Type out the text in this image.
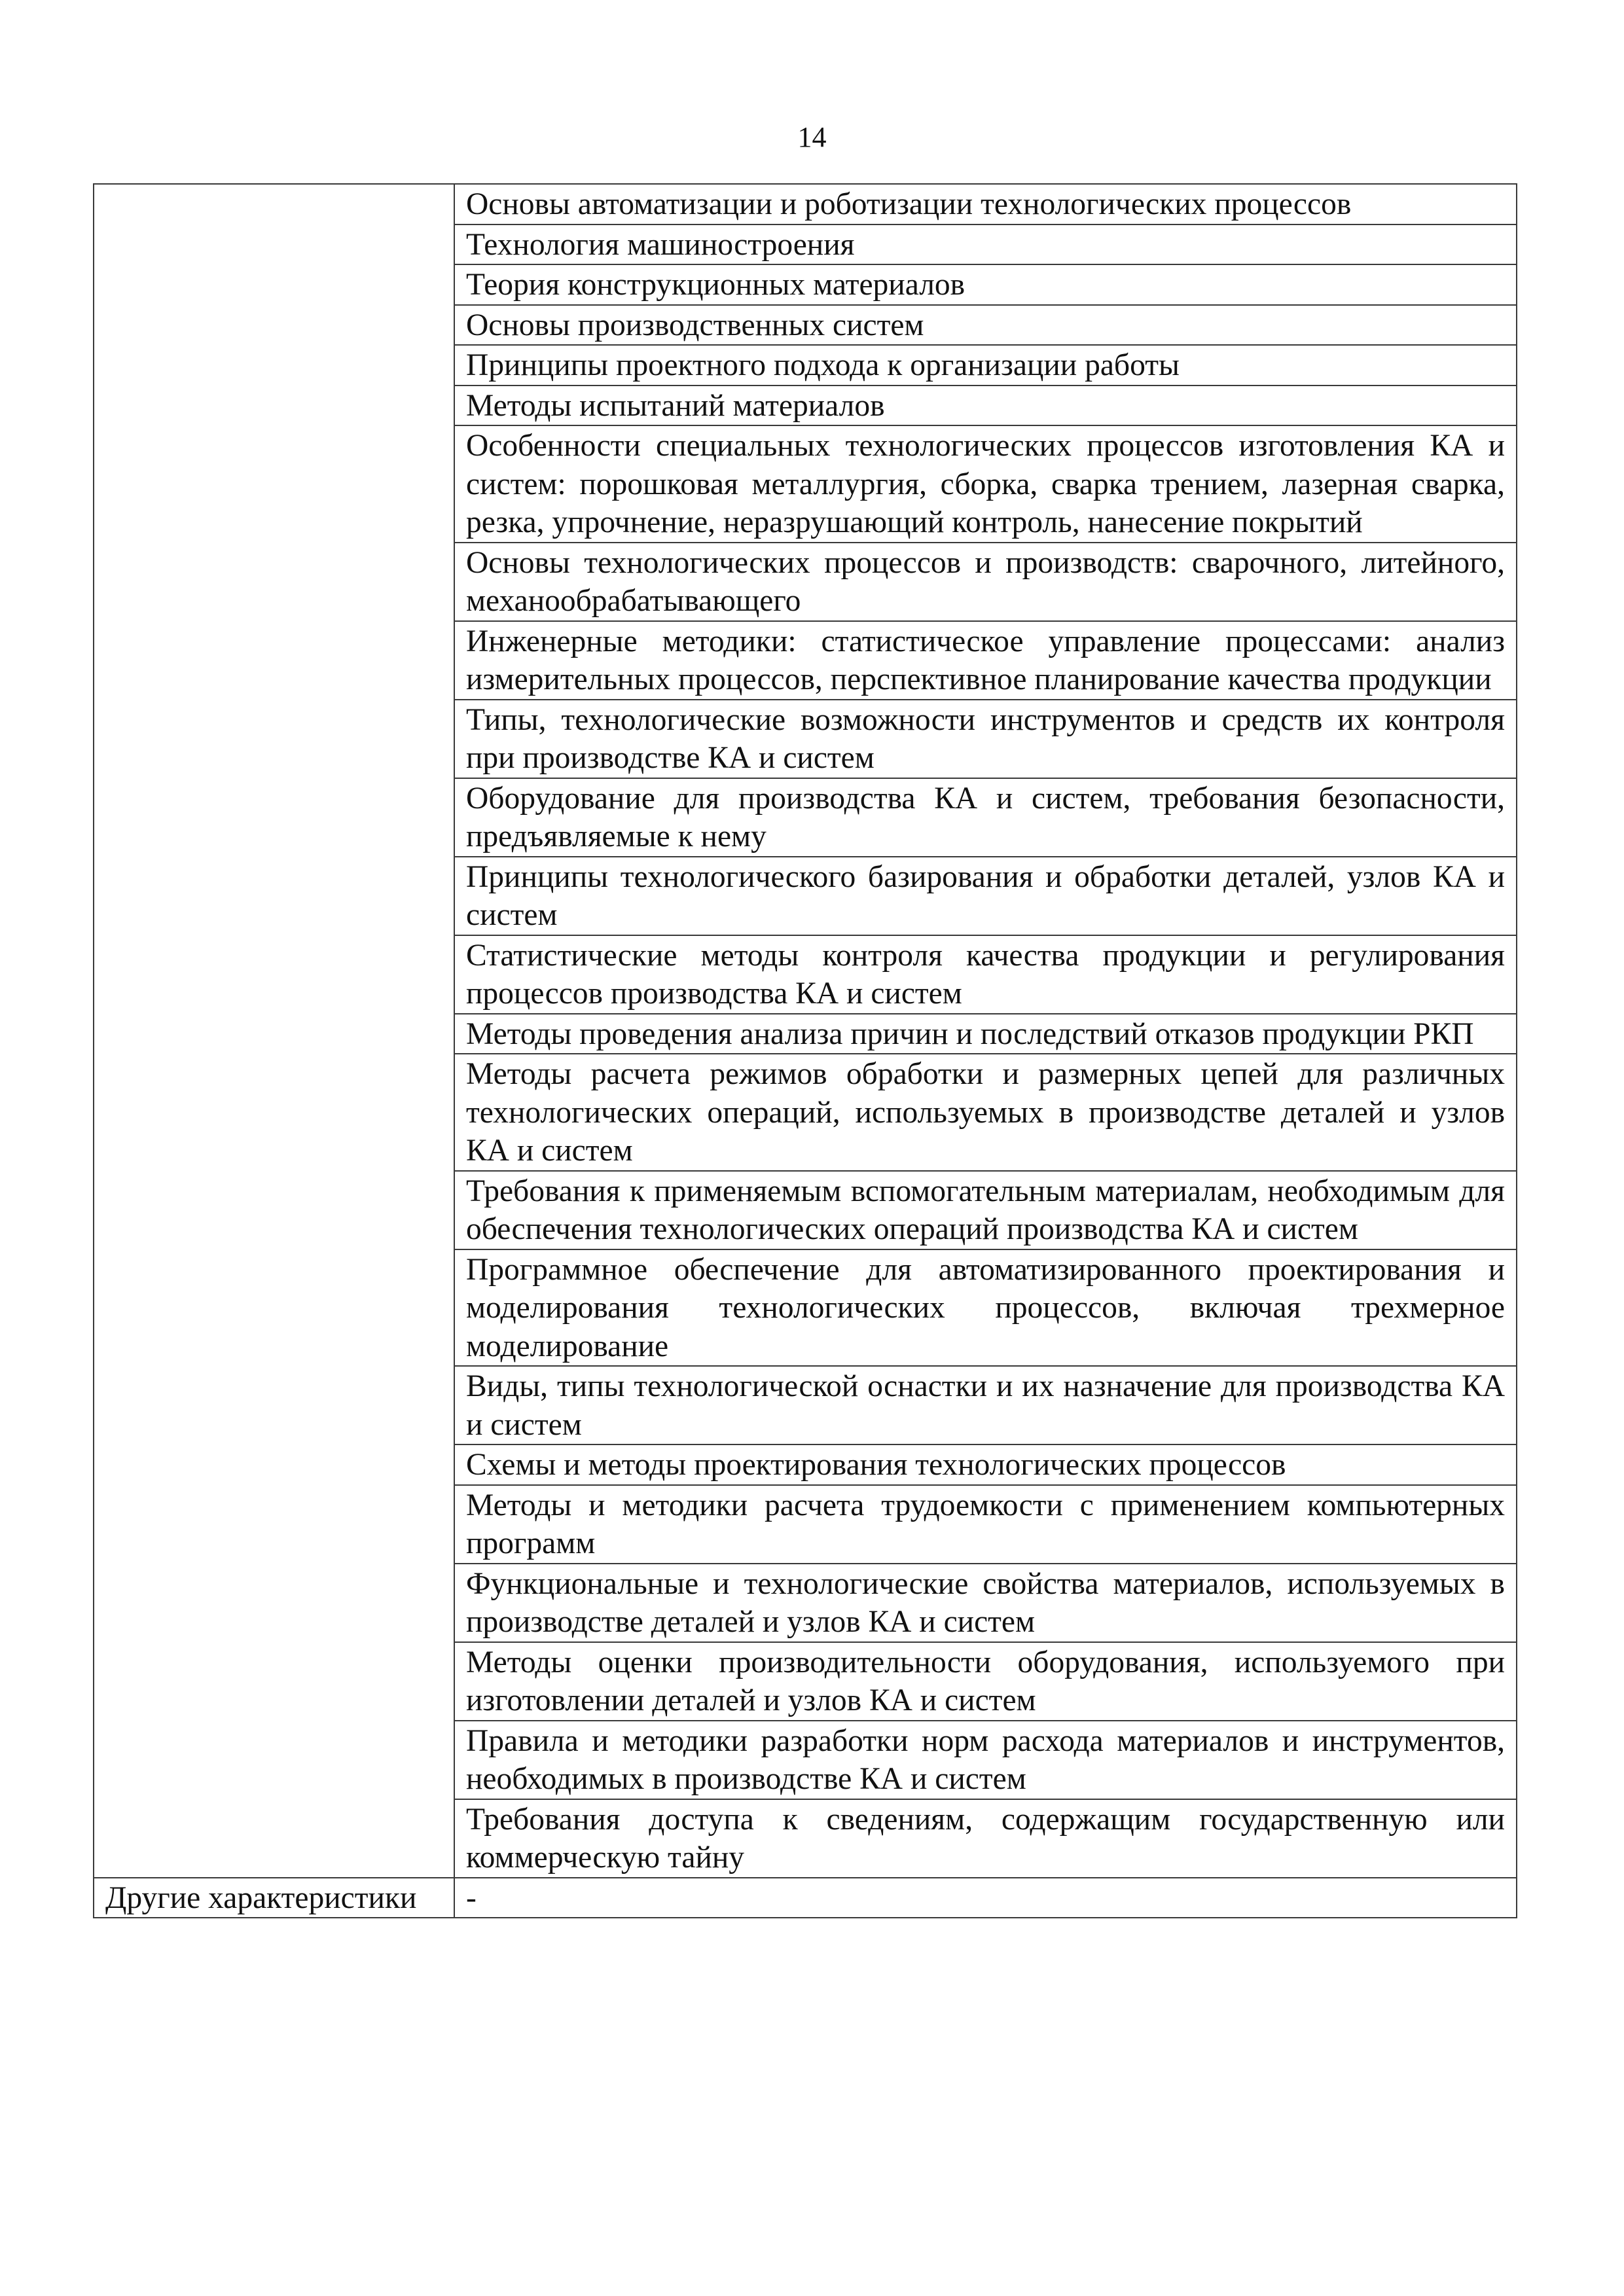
14
	Основы автоматизации и роботизации технологических процессов
	Технология машиностроения
	Теория конструкционных материалов
	Основы производственных систем
	Принципы проектного подхода к организации работы
	Методы испытаний материалов
	Особенности специальных технологических процессов изготовления КА и систем: порошковая металлургия, сборка, сварка трением, лазерная сварка, резка, упрочнение, неразрушающий контроль, нанесение покрытий
	Основы технологических процессов и производств: сварочного, литейного, механообрабатывающего
	Инженерные методики: статистическое управление процессами: анализ измерительных процессов, перспективное планирование качества продукции
	Типы, технологические возможности инструментов и средств их контроля при производстве КА и систем
	Оборудование для производства КА и систем, требования безопасности, предъявляемые к нему
	Принципы технологического базирования и обработки деталей, узлов КА и систем
	Статистические методы контроля качества продукции и регулирования процессов производства КА и систем
	Методы проведения анализа причин и последствий отказов продукции РКП
	Методы расчета режимов обработки и размерных цепей для различных технологических операций, используемых в производстве деталей и узлов КА и систем
	Требования к применяемым вспомогательным материалам, необходимым для обеспечения технологических операций производства КА и систем
	Программное обеспечение для автоматизированного проектирования и моделирования технологических процессов, включая трехмерное моделирование
	Виды, типы технологической оснастки и их назначение для производства КА и систем
	Схемы и методы проектирования технологических процессов
	Методы и методики расчета трудоемкости с применением компьютерных программ
	Функциональные и технологические свойства материалов, используемых в производстве деталей и узлов КА и систем
	Методы оценки производительности оборудования, используемого при изготовлении деталей и узлов КА и систем
	Правила и методики разработки норм расхода материалов и инструментов, необходимых в производстве КА и систем
	Требования доступа к сведениям, содержащим государственную или коммерческую тайну
Другие характеристики	-
